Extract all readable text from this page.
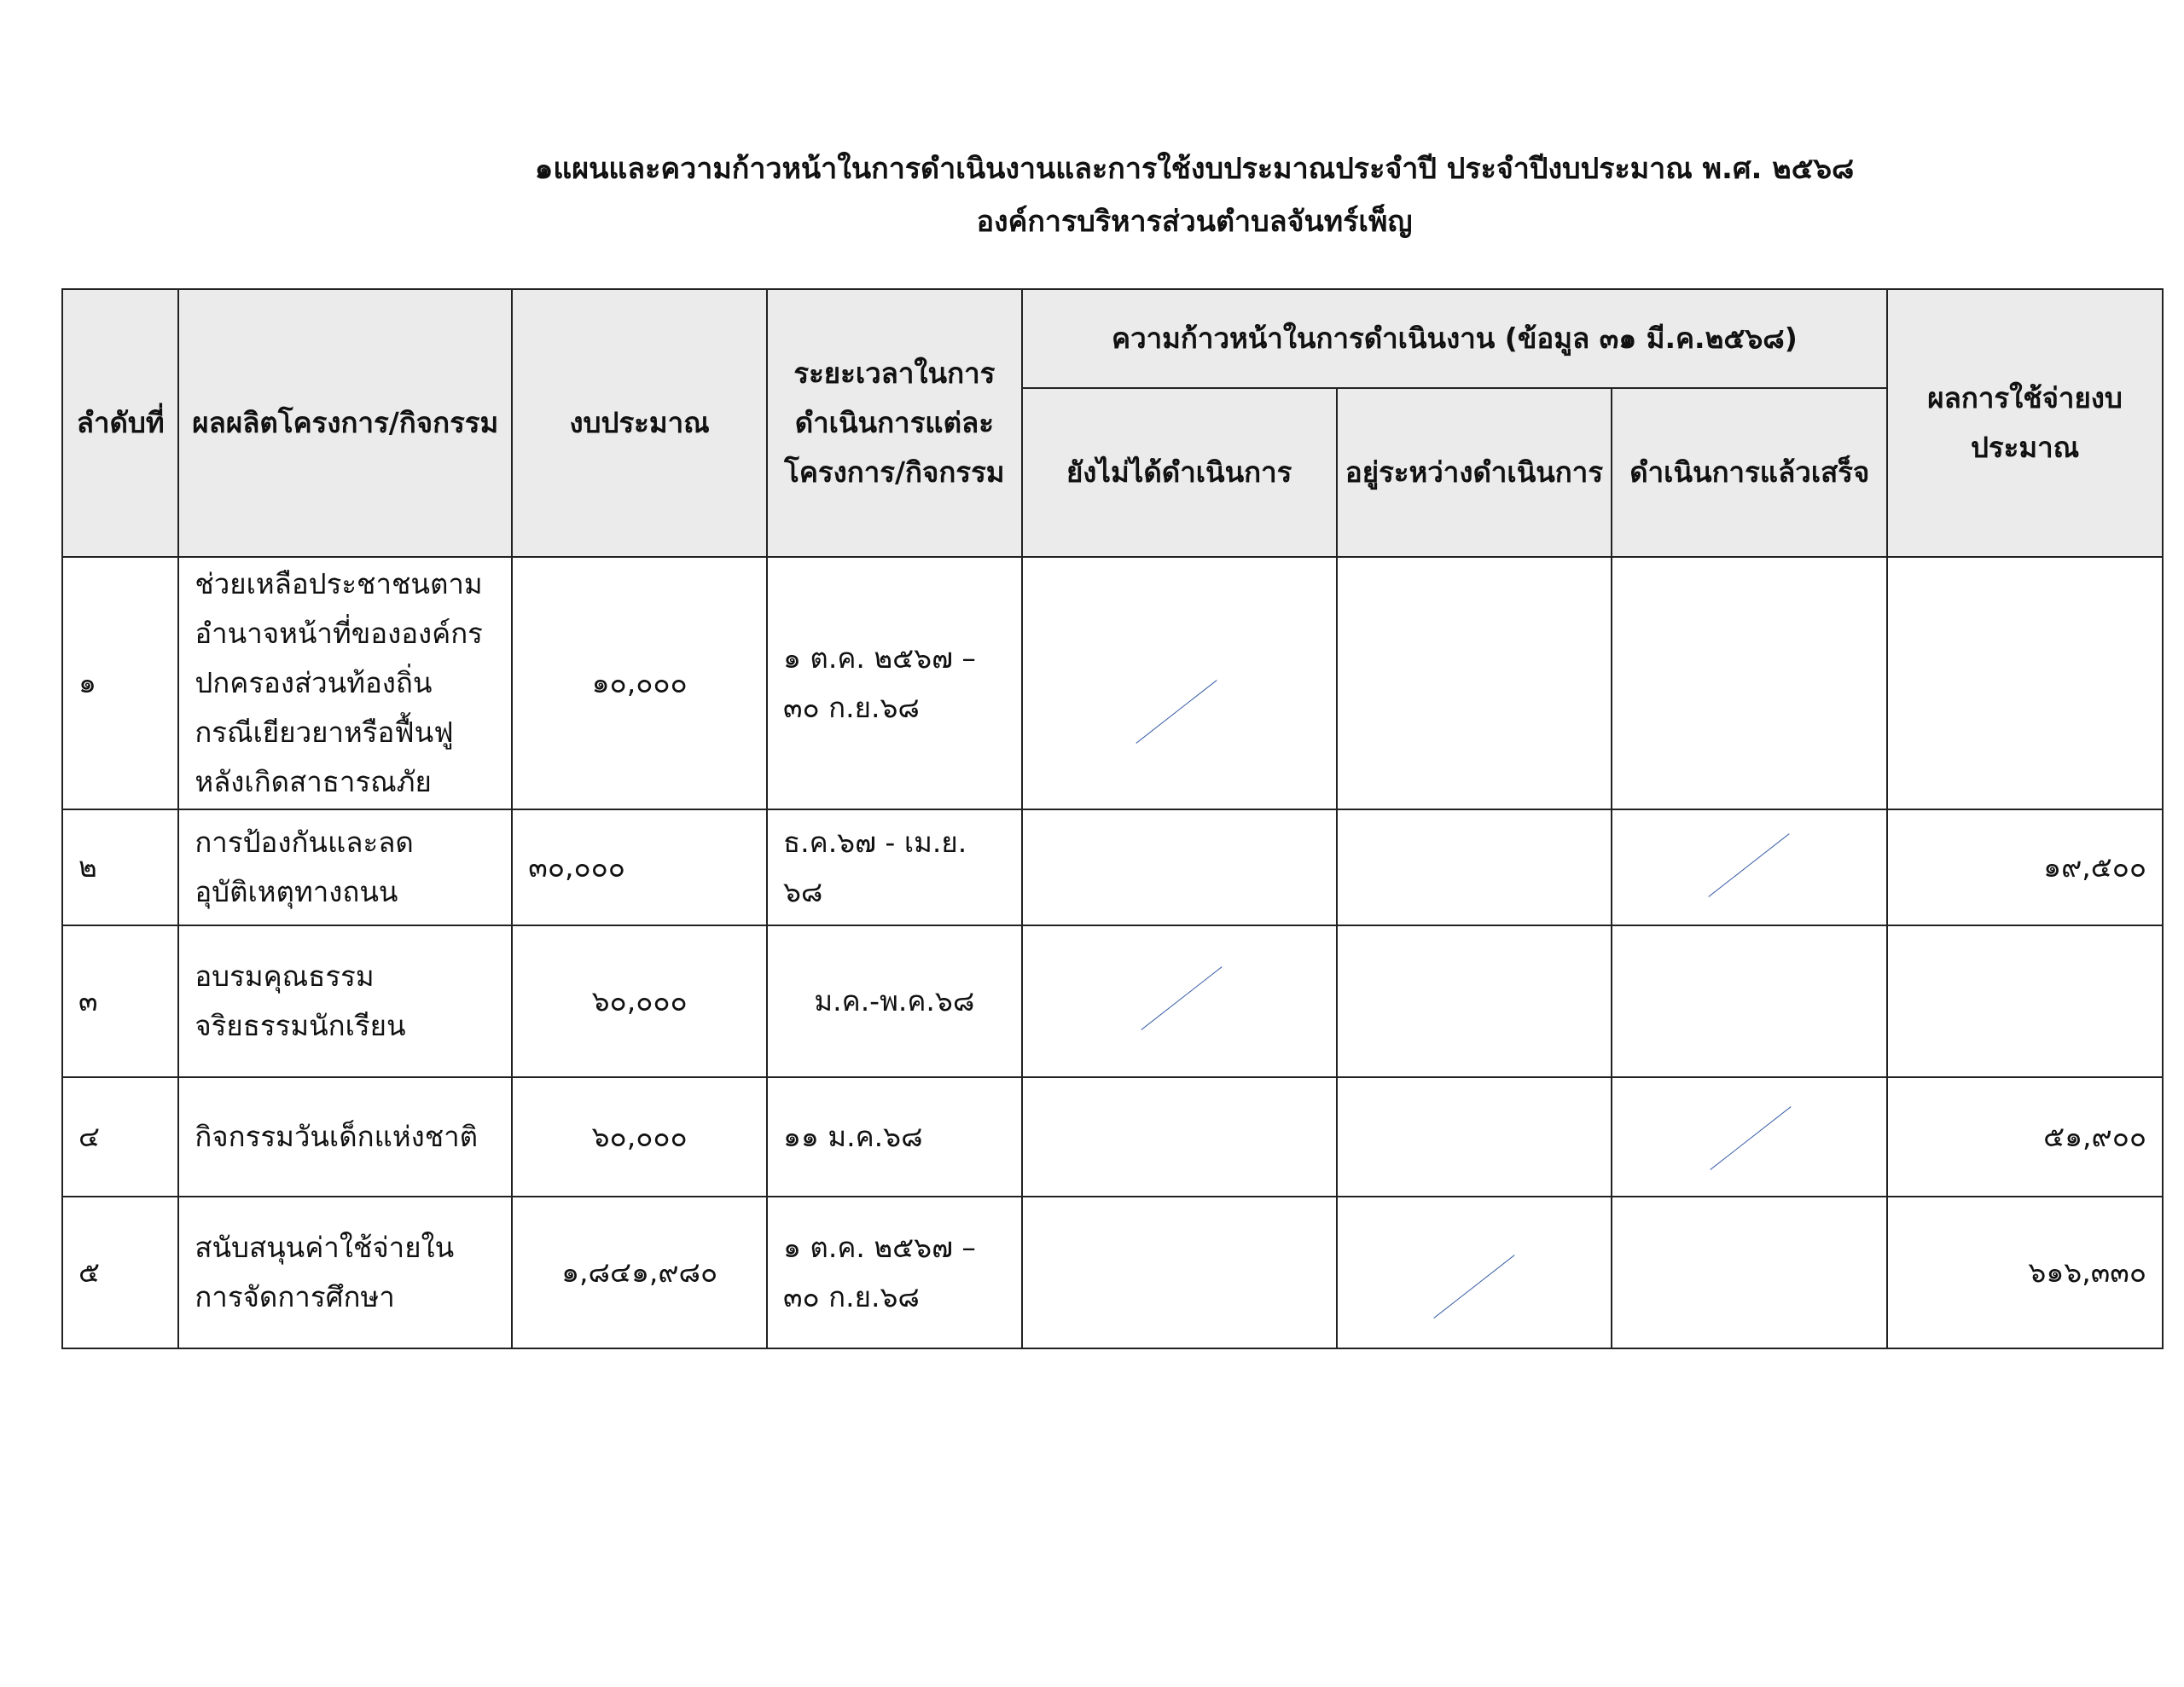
๑แผนและความก้าวหน้าในการดำเนินงานและการใช้งบประมาณประจำปี ประจำปีงบประมาณ พ.ศ. ๒๕๖๘
องค์การบริหารส่วนตำบลจันทร์เพ็ญ
ลำดับที่	ผลผลิตโครงการ/กิจกรรม	งบประมาณ	ระยะเวลาในการดำเนินการแต่ละโครงการ/กิจกรรม	ความก้าวหน้าในการดำเนินงาน (ข้อมูล ๓๑ มี.ค.๒๕๖๘)			ผลการใช้จ่ายงบประมาณ
				ยังไม่ได้ดำเนินการ	อยู่ระหว่างดำเนินการ	ดำเนินการแล้วเสร็จ	
๑	ช่วยเหลือประชาชนตามอำนาจหน้าที่ขององค์กรปกครองส่วนท้องถิ่น กรณีเยียวยาหรือฟื้นฟูหลังเกิดสาธารณภัย	๑๐,๐๐๐	๑ ต.ค. ๒๕๖๗ – ๓๐ ก.ย.๖๘	

๒	การป้องกันและลดอุบัติเหตุทางถนน	๓๐,๐๐๐	ธ.ค.๖๗ - เม.ย. ๖๘				๑๙,๕๐๐
๓	อบรมคุณธรรม จริยธรรมนักเรียน	๖๐,๐๐๐	ม.ค.-พ.ค.๖๘	

๔	กิจกรรมวันเด็กแห่งชาติ	๖๐,๐๐๐	๑๑ ม.ค.๖๘				๕๑,๙๐๐
๕	สนับสนุนค่าใช้จ่ายในการจัดการศึกษา	๑,๘๔๑,๙๘๐	๑ ต.ค. ๒๕๖๗ – ๓๐ ก.ย.๖๘				๖๑๖,๓๓๐
